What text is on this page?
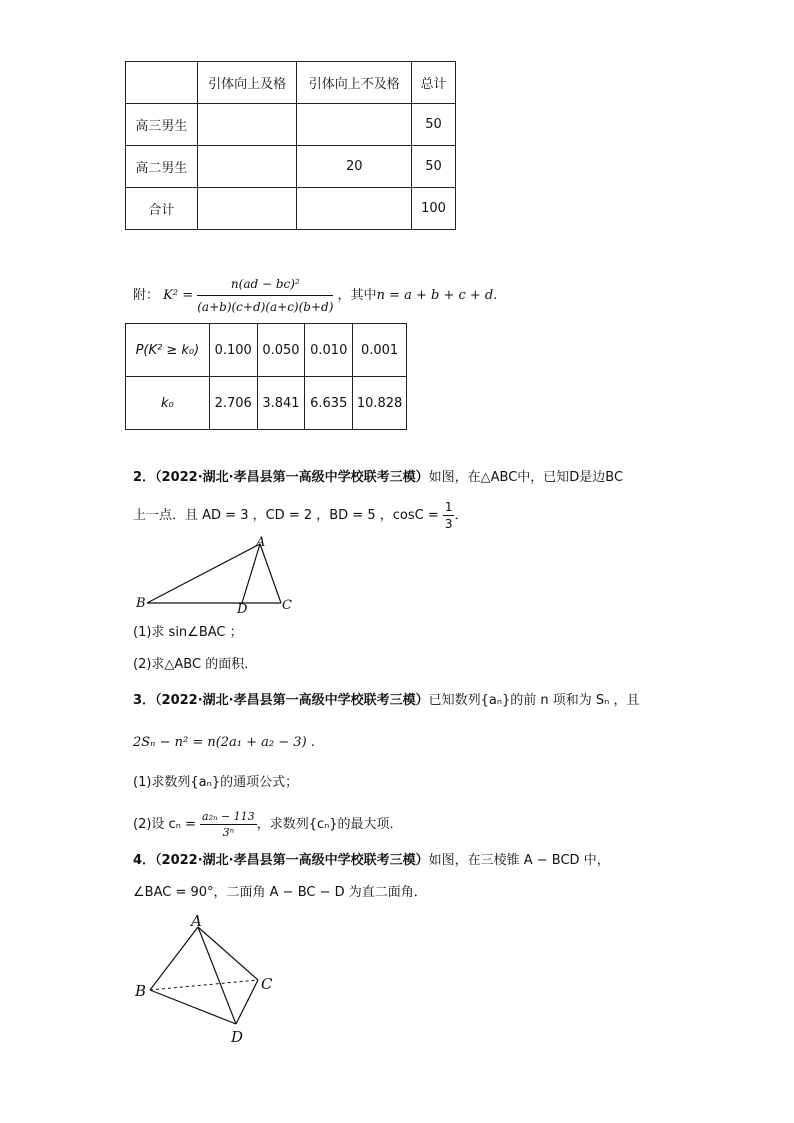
	引体向上及格	引体向上不及格	总计
高三男生			50
高二男生		20	50
合计			100
附： $K^2 = \frac{\text{n(ad − bc)²}}{(a+b)(c+d)(a+c)(b+d)}$ ，其中n = a + b + c + d.
P(K² ≥ k₀)	0.100	0.050	0.010	0.001
k₀	2.706	3.841	6.635	10.828
2．（2022·湖北·孝昌县第一高级中学校联考三模）如图，在△ABC中，已知D是边BC
上一点．且 AD = 3 ，CD = 2 ，BD = 5 ，$\cos C = \frac{1}{3}$ ．
A
B	D	C
(1)求 sin∠BAC ；
(2)求△ABC 的面积．
3．（2022·湖北·孝昌县第一高级中学校联考三模）已知数列{aₙ}的前 n 项和为 Sₙ ，且
2Sₙ − n² = n(2a₁ + a₂ − 3) .
(1)求数列{aₙ}的通项公式；
(2)设 $c_n = \frac{\text{a₂ₙ − 113}}{\text{3ⁿ}}$ ，求数列{cₙ}的最大项．
4．（2022·湖北·孝昌县第一高级中学校联考三模）如图，在三棱锥 A − BCD 中，
∠BAC = 90°，二面角 A − BC − D 为直二面角．
A
B	C
D
